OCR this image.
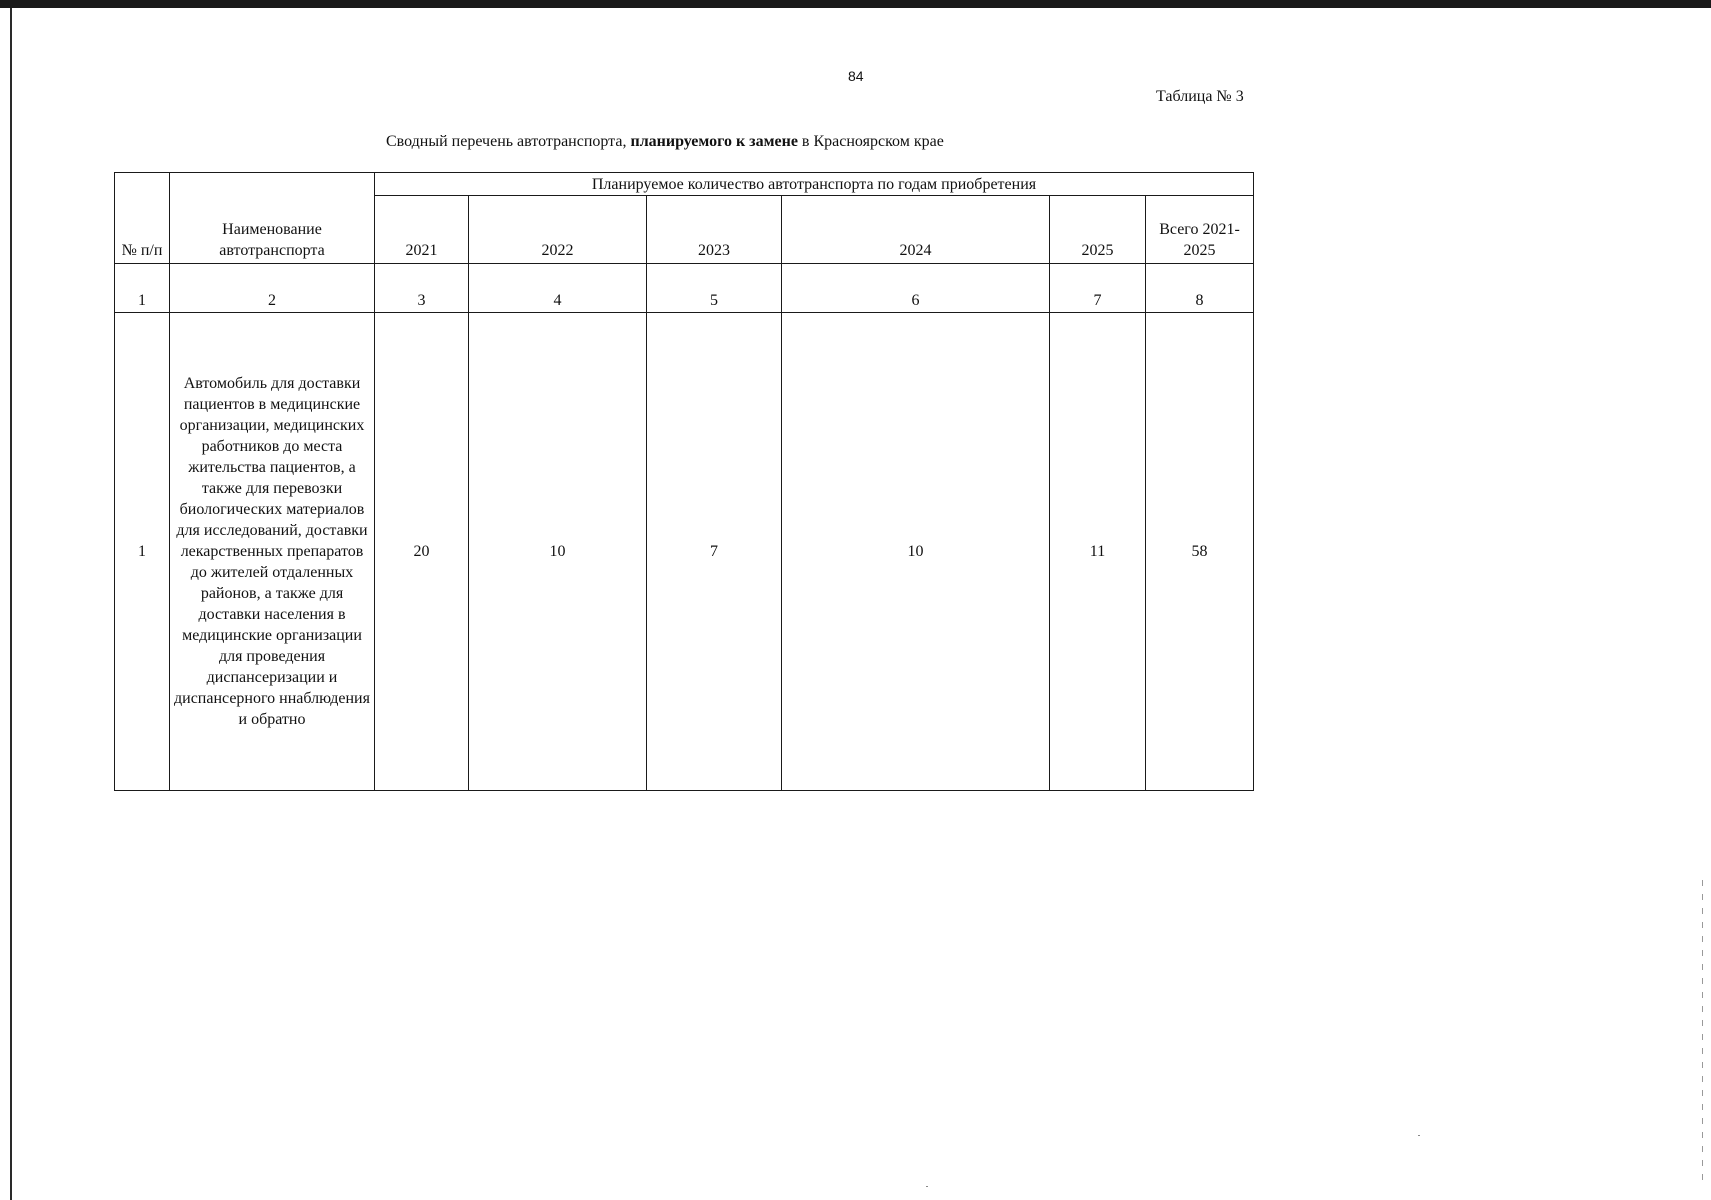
84
Таблица № 3
Сводный перечень автотранспорта, планируемого к замене в Красноярском крае
№ п/п	Наименование автотранспорта	Планируемое количество автотранспорта по годам приобретения					
		2021	2022	2023	2024	2025	Всего 2021-2025
1	2	3	4	5	6	7	8
1	Автомобиль для доставки пациентов в медицинские организации, медицинских работников до места жительства пациентов, а также для перевозки биологических материалов для исследований, доставки лекарственных препаратов до жителей отдаленных районов, а также для доставки населения в медицинские организации для проведения диспансеризации и диспансерного ннаблюдения и обратно	20	10	7	10	11	58
